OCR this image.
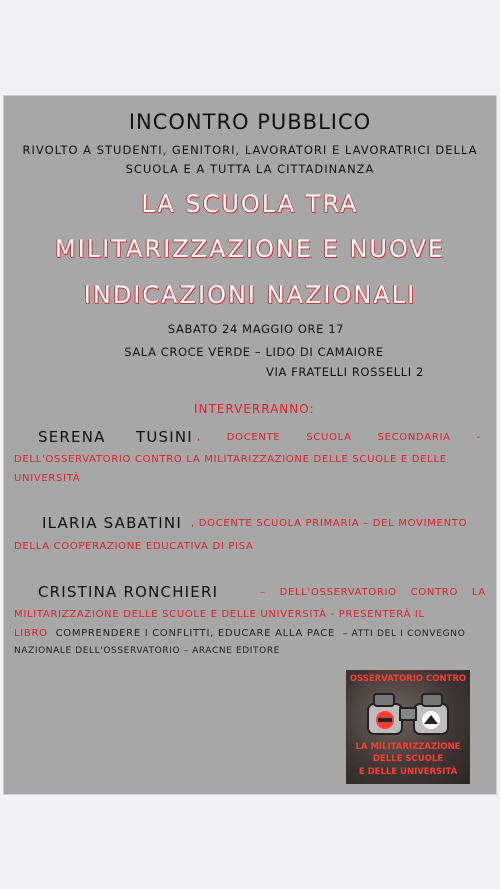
INCONTRO PUBBLICO
RIVOLTO A STUDENTI, GENITORI, LAVORATORI E LAVORATRICI DELLA
SCUOLA E A TUTTA LA CITTADINANZA
LA SCUOLA TRA
MILITARIZZAZIONE E NUOVE
INDICAZIONI NAZIONALI
SABATO 24 MAGGIO ORE 17
SALA CROCE VERDE – LIDO DI CAMAIORE
VIA FRATELLI ROSSELLI 2
INTERVERRANNO:
SERENA TUSINI , DOCENTE SCUOLA SECONDARIA -
DELL'OSSERVATORIO CONTRO LA MILITARIZZAZIONE DELLE SCUOLE E DELLE
UNIVERSITÀ
ILARIA SABATINI , DOCENTE SCUOLA PRIMARIA – DEL MOVIMENTO
DELLA COOPERAZIONE EDUCATIVA DI PISA
CRISTINA RONCHIERI	– DELL'OSSERVATORIO CONTRO LA
MILITARIZZAZIONE DELLE SCUOLE E DELLE UNIVERSITÀ - PRESENTERÀ IL
LIBRO COMPRENDERE I CONFLITTI, EDUCARE ALLA PACE – ATTI DEL I CONVEGNO
NAZIONALE DELL'OSSERVATORIO – ARACNE EDITORE
OSSERVATORIO CONTRO
LA MILITARIZZAZIONE
DELLE SCUOLE
E DELLE UNIVERSITÀ
